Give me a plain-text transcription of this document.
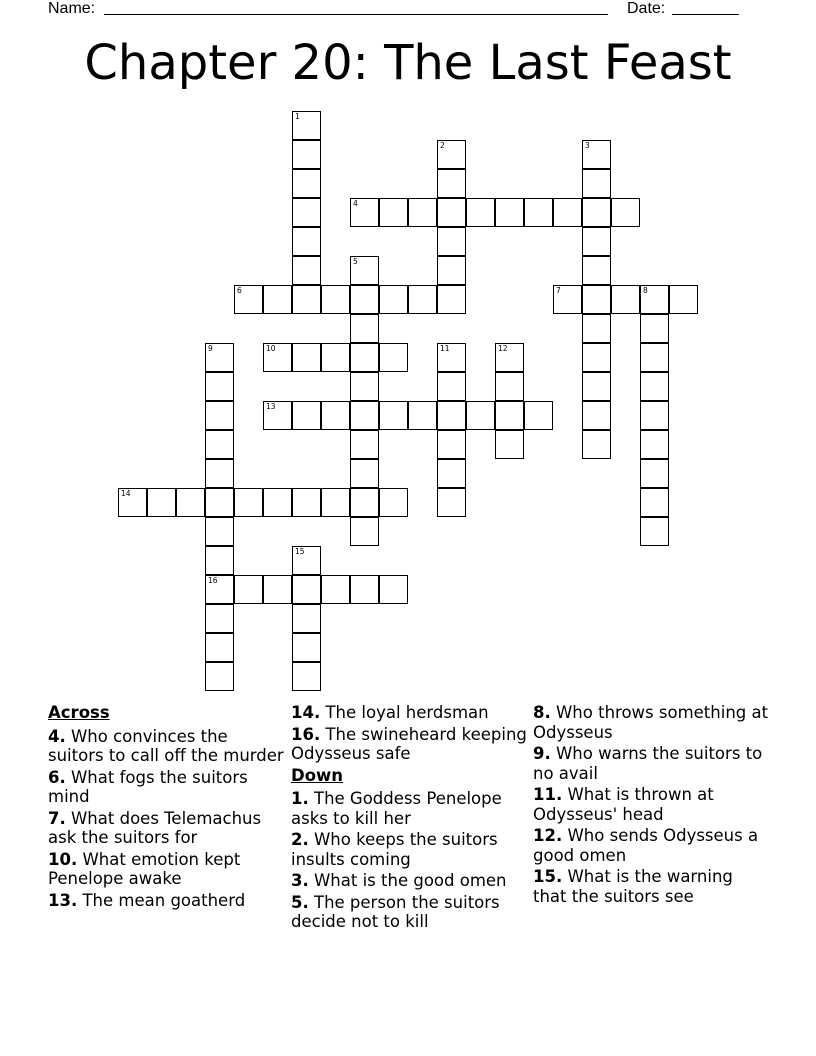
Name:	Date:
Chapter 20: The Last Feast
1
2	3
4
5
6	7	8
9
16
10	11	12
13
14
15
Across
4. Who convinces the suitors to call off the murder
6. What fogs the suitors mind
7. What does Telemachus ask the suitors for
10. What emotion kept Penelope awake
13. The mean goatherd
14. The loyal herdsman
16. The swineheard keeping Odysseus safe
Down
1. The Goddess Penelope asks to kill her
2. Who keeps the suitors insults coming
3. What is the good omen
5. The person the suitors decide not to kill
8. Who throws something at Odysseus
9. Who warns the suitors to no avail
11. What is thrown at Odysseus' head
12. Who sends Odysseus a good omen
15. What is the warning that the suitors see
